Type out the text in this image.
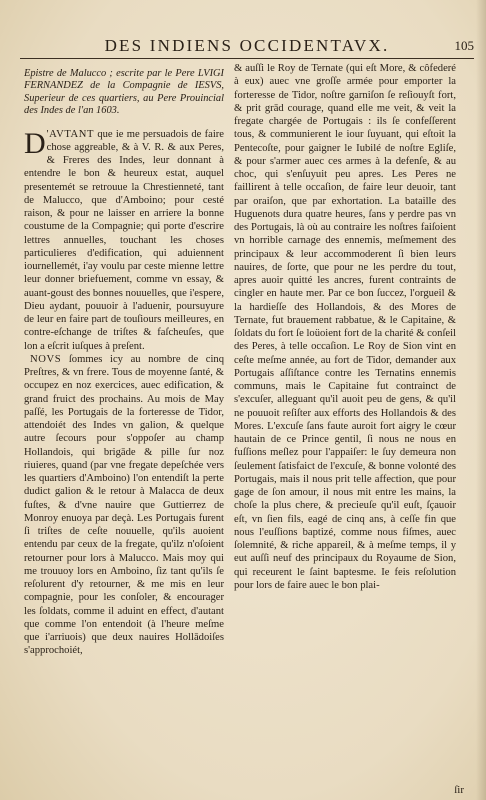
DES INDIENS OCCIDENTAVX.	105
Epistre de Malucco ; escrite par le Pere LVIGI FERNANDEZ de la Compagnie de IESVS, Superieur de ces quartiers, au Pere Prouincial des Indes de l'an 1603.

D 'AVTANT que ie me persuadois de faire chose aggreable, & à V. R. & aux Peres, & Freres des Indes, leur donnant à entendre le bon & heureux estat, auquel presentemét se retrouue la Chrestienneté, tant de Malucco, que d'Amboino; pour cesté raison, & pour ne laisser en arriere la bonne coustume de la Compagnie; qui porte d'escrire lettres annuelles, touchant les choses particulieres d'edification, qui aduiennent iournellemét, i'ay voulu par ceste mienne lettre leur donner briefuement, comme vn essay, & auant-goust des bonnes nouuelles, que i'espere, Dieu aydant, pouuoir à l'aduenir, poursuyure de leur en faire part de touſiours meilleures, en contre-eſchange de triſtes & faſcheuſes, que lon a eſcrit iuſques à preſent.

NOVS ſommes icy au nombre de cinq Preſtres, & vn frere. Tous de moyenne ſanté, & occupez en noz exercices, auec edification, & grand fruict des prochains. Au mois de May paſſé, les Portugais de la forteresse de Tidor, attendoiét des Indes vn galion, & quelque autre ſecours pour s'oppoſer au champ Hollandois, qui brigāde & pille ſur noz riuieres, quand (par vne fregate depeſchée vers les quartiers d'Amboino) l'on entendiſt la perte dudict galion & le retour à Malacca de deux fuſtes, & d'vne nauire que Guttierrez de Monroy enuoya par deçà. Les Portugais furent ſi triſtes de ceſte nouuelle, qu'ils auoient entendu par ceux de la fregate, qu'ilz n'oſoient retourner pour lors à Malucco. Mais moy qui me trouuoy lors en Amboino, ſiz tant qu'ils ſe reſolurent d'y retourner, & me mis en leur compagnie, pour les conſoler, & encourager les ſoldats, comme il aduint en effect, d'autant que comme l'on entendoit (à l'heure meſme que i'arriuois) que deux nauires Hollādoiſes s'approchoiét,

& auſſi le Roy de Ternate (qui eſt More, & côfederé à eux) auec vne groſſe armée pour emporter la forteresse de Tidor, noſtre garniſon ſe reſiouyſt fort, & prit grād courage, quand elle me veit, & veit la fregate chargée de Portugais : ils ſe confeſſerent tous, & communierent le iour ſuyuant, qui eſtoit la Pentecoſte, pour gaigner le Iubilé de noſtre Egliſe, & pour s'armer auec ces armes à la defenſe, & au choc, qui s'enſuyuit peu apres. Les Peres ne faillirent à telle occaſion, de faire leur deuoir, tant par oraiſon, que par exhortation. La bataille des Huguenots dura quatre heures, ſans y perdre pas vn des Portugais, là où au contraire les noſtres faiſoient vn horrible carnage des ennemis, meſmement des principaux & leur accommoderent ſi bien leurs nauires, de ſorte, que pour ne les perdre du tout, apres auoir quitté les ancres, furent contraints de cingler en haute mer. Par ce bon ſuccez, l'orgueil & la hardieſſe des Hollandois, & des Mores de Ternate, fut brauement rabbatue, & le Capitaine, & ſoldats du fort ſe loüoient fort de la charité & conſeil des Peres, à telle occaſion. Le Roy de Sion vint en ceſte meſme année, au fort de Tidor, demander aux Portugais aſſiſtance contre les Ternatins ennemis communs, mais le Capitaine fut contrainct de s'excuſer, alleguant qu'il auoit peu de gens, & qu'il ne pouuoit reſiſter aux efforts des Hollandois & des Mores. L'excuſe ſans faute auroit fort aigry le cœur hautain de ce Prince gentil, ſi nous ne nous en fuſſions meſlez pour l'appaiſer: le ſuy demeura non ſeulement ſatisfaict de l'excuſe, & bonne volonté des Portugais, mais il nous prit telle affection, que pour gage de ſon amour, il nous mit entre les mains, la choſe la plus chere, & precieuſe qu'il euſt, ſçauoir eſt, vn ſien fils, eagé de cinq ans, à ceſſe fin que nous l'euſſions baptizé, comme nous fiſmes, auec ſolemnité, & riche appareil, & à meſme temps, il y eut auſſi neuf des principaux du Royaume de Sion, qui receurent le ſaint baptesme. Ie feis reſolution pour lors de faire auec le bon plai-

ſir
